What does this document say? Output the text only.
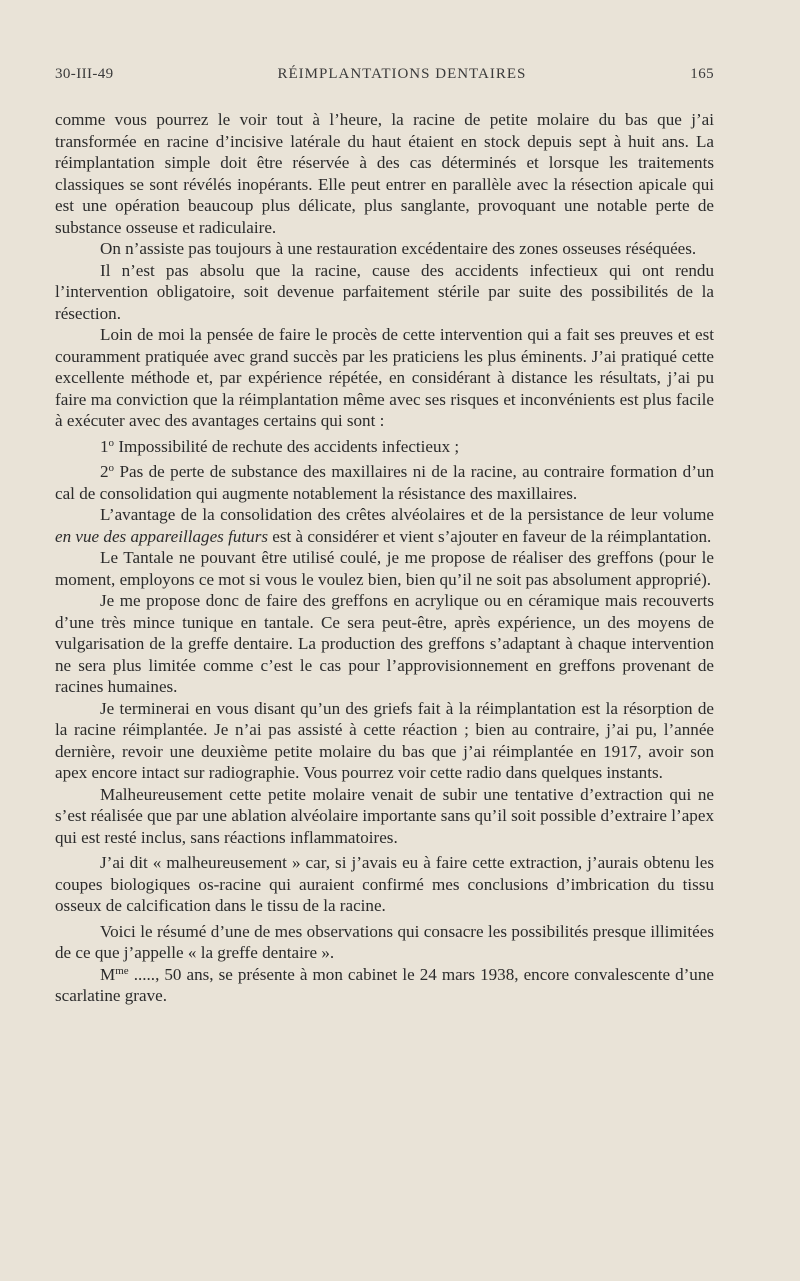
30-III-49	RÉIMPLANTATIONS DENTAIRES	165

comme vous pourrez le voir tout à l’heure, la racine de petite molaire du bas que j’ai transformée en racine d’incisive latérale du haut étaient en stock depuis sept à huit ans. La réimplantation simple doit être réservée à des cas déterminés et lorsque les traitements classiques se sont révélés inopérants. Elle peut entrer en parallèle avec la résection apicale qui est une opération beaucoup plus délicate, plus sanglante, provoquant une notable perte de substance osseuse et radiculaire.

On n’assiste pas toujours à une restauration excédentaire des zones osseuses réséquées.

Il n’est pas absolu que la racine, cause des accidents infectieux qui ont rendu l’intervention obligatoire, soit devenue parfaitement stérile par suite des possibilités de la résection.

Loin de moi la pensée de faire le procès de cette intervention qui a fait ses preuves et est couramment pratiquée avec grand succès par les praticiens les plus éminents. J’ai pratiqué cette excellente méthode et, par expérience répétée, en considérant à distance les résultats, j’ai pu faire ma conviction que la réimplantation même avec ses risques et inconvénients est plus facile à exécuter avec des avantages certains qui sont :

1$^o$ Impossibilité de rechute des accidents infectieux ;

2$^o$ Pas de perte de substance des maxillaires ni de la racine, au contraire formation d’un cal de consolidation qui augmente notablement la résistance des maxillaires.

L’avantage de la consolidation des crêtes alvéolaires et de la persistance de leur volume en vue des appareillages futurs est à considérer et vient s’ajouter en faveur de la réimplantation.

Le Tantale ne pouvant être utilisé coulé, je me propose de réaliser des greffons (pour le moment, employons ce mot si vous le voulez bien, bien qu’il ne soit pas absolument approprié).

Je me propose donc de faire des greffons en acrylique ou en céramique mais recouverts d’une très mince tunique en tantale. Ce sera peut-être, après expérience, un des moyens de vulgarisation de la greffe dentaire. La production des greffons s’adaptant à chaque intervention ne sera plus limitée comme c’est le cas pour l’approvisionnement en greffons provenant de racines humaines.

Je terminerai en vous disant qu’un des griefs fait à la réimplantation est la résorption de la racine réimplantée. Je n’ai pas assisté à cette réaction ; bien au contraire, j’ai pu, l’année dernière, revoir une deuxième petite molaire du bas que j’ai réimplantée en 1917, avoir son apex encore intact sur radiographie. Vous pourrez voir cette radio dans quelques instants.

Malheureusement cette petite molaire venait de subir une tentative d’extraction qui ne s’est réalisée que par une ablation alvéolaire importante sans qu’il soit possible d’extraire l’apex qui est resté inclus, sans réactions inflammatoires.

J’ai dit « malheureusement » car, si j’avais eu à faire cette extraction, j’aurais obtenu les coupes biologiques os-racine qui auraient confirmé mes conclusions d’imbrication du tissu osseux de calcification dans le tissu de la racine.

Voici le résumé d’une de mes observations qui consacre les possibilités presque illimitées de ce que j’appelle « la greffe dentaire ».

$M^{me}$ ....., 50 ans, se présente à mon cabinet le 24 mars 1938, encore convalescente d’une scarlatine grave.
